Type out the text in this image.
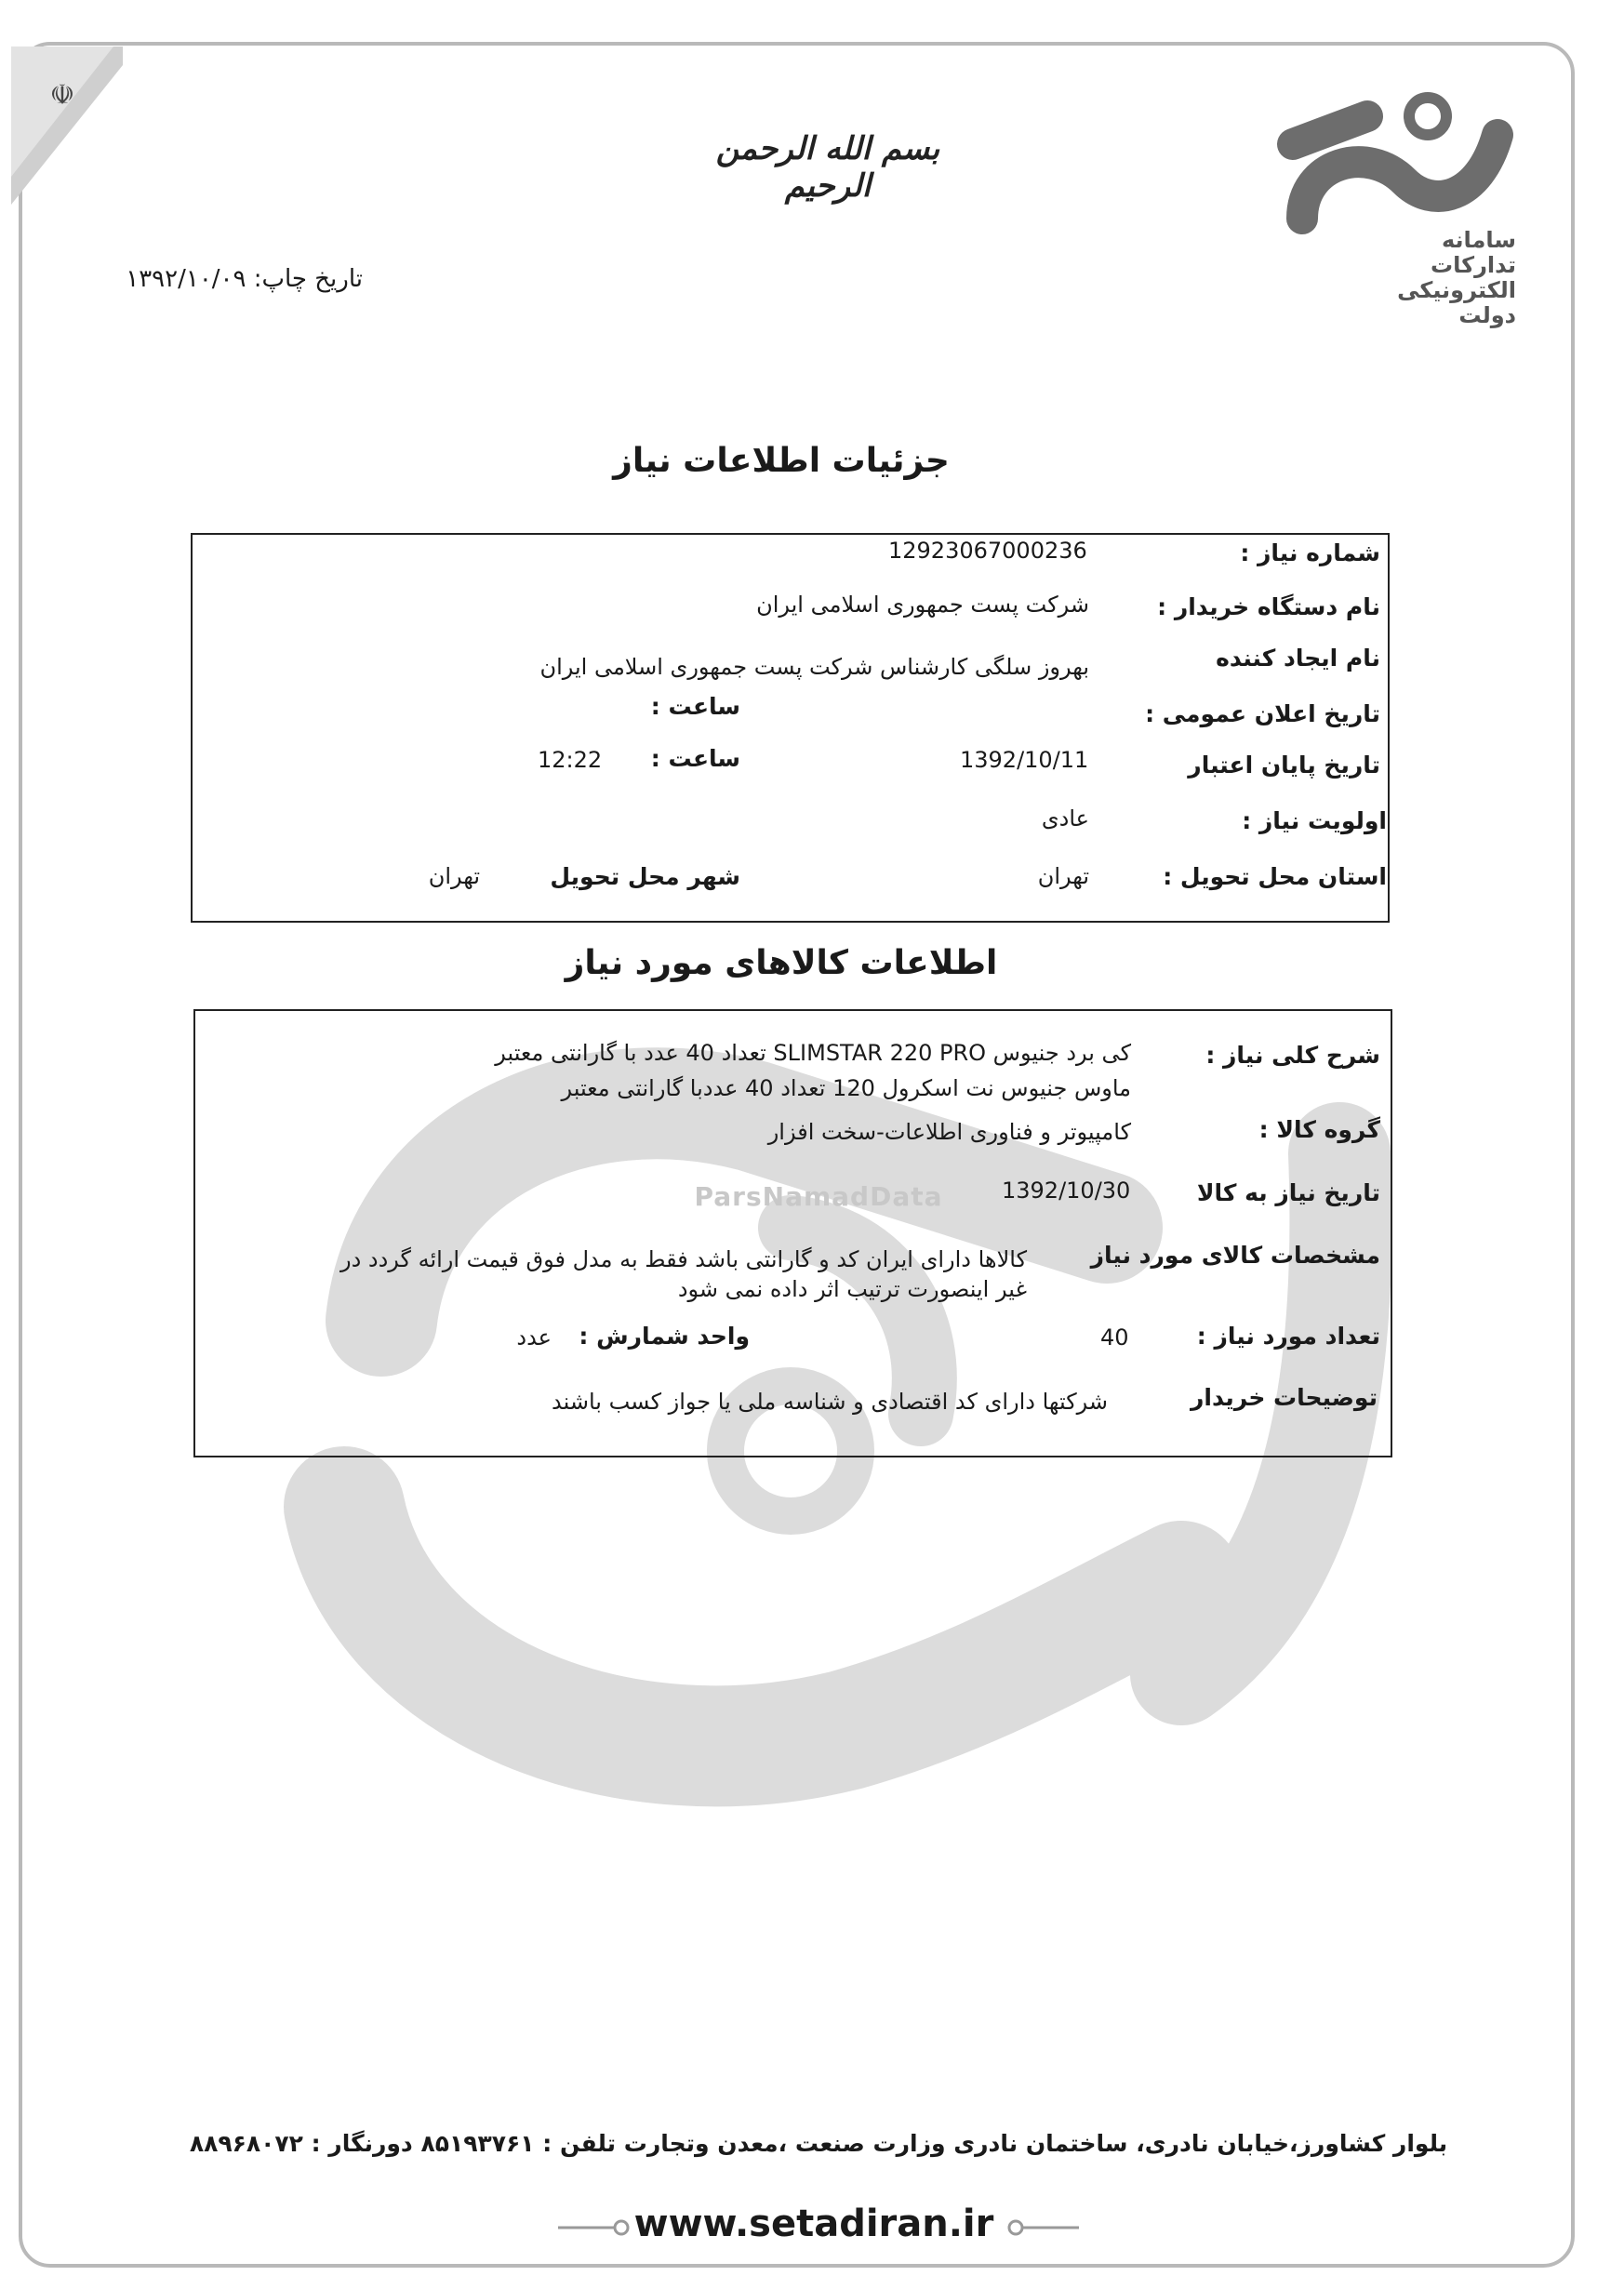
ParsNamadData
☫
بسم الله الرحمن الرحيم
سامانه
تدارکات
الکترونیکی
دولت
تاریخ چاپ: ۱۳۹۲/۱۰/۰۹
جزئیات اطلاعات نیاز
شماره نیاز :
12923067000236
نام دستگاه خریدار :
شرکت پست جمهوری اسلامی ایران
نام ایجاد کننده
بهروز سلگی کارشناس شرکت پست جمهوری اسلامی ایران
تاریخ اعلان عمومی :
ساعت :
تاریخ پایان اعتبار
1392/10/11
ساعت :
12:22
اولویت نیاز :
عادی
استان محل تحویل :
تهران
شهر محل تحویل
تهران
اطلاعات کالاهای مورد نیاز
شرح کلی نیاز :
کی برد جنیوس SLIMSTAR 220 PRO تعداد 40 عدد با گارانتی معتبر
ماوس جنیوس نت اسکرول 120 تعداد 40 عددبا گارانتی معتبر
گروه کالا :
کامپیوتر و فناوری اطلاعات-سخت افزار
تاریخ نیاز به کالا
1392/10/30
مشخصات کالای مورد نیاز
کالاها دارای ایران کد و گارانتی باشد فقط به مدل فوق قیمت ارائه گردد در
غیر اینصورت ترتیب اثر داده نمی شود
تعداد مورد نیاز :
40
واحد شمارش :
عدد
توضیحات خریدار
شرکتها دارای کد اقتصادی و شناسه ملی یا جواز کسب باشند
بلوار کشاورز،خیابان نادری، ساختمان نادری وزارت صنعت ،معدن وتجارت تلفن : ۸۵۱۹۳۷۶۱ دورنگار : ۸۸۹۶۸۰۷۲
www.setadiran.ir
